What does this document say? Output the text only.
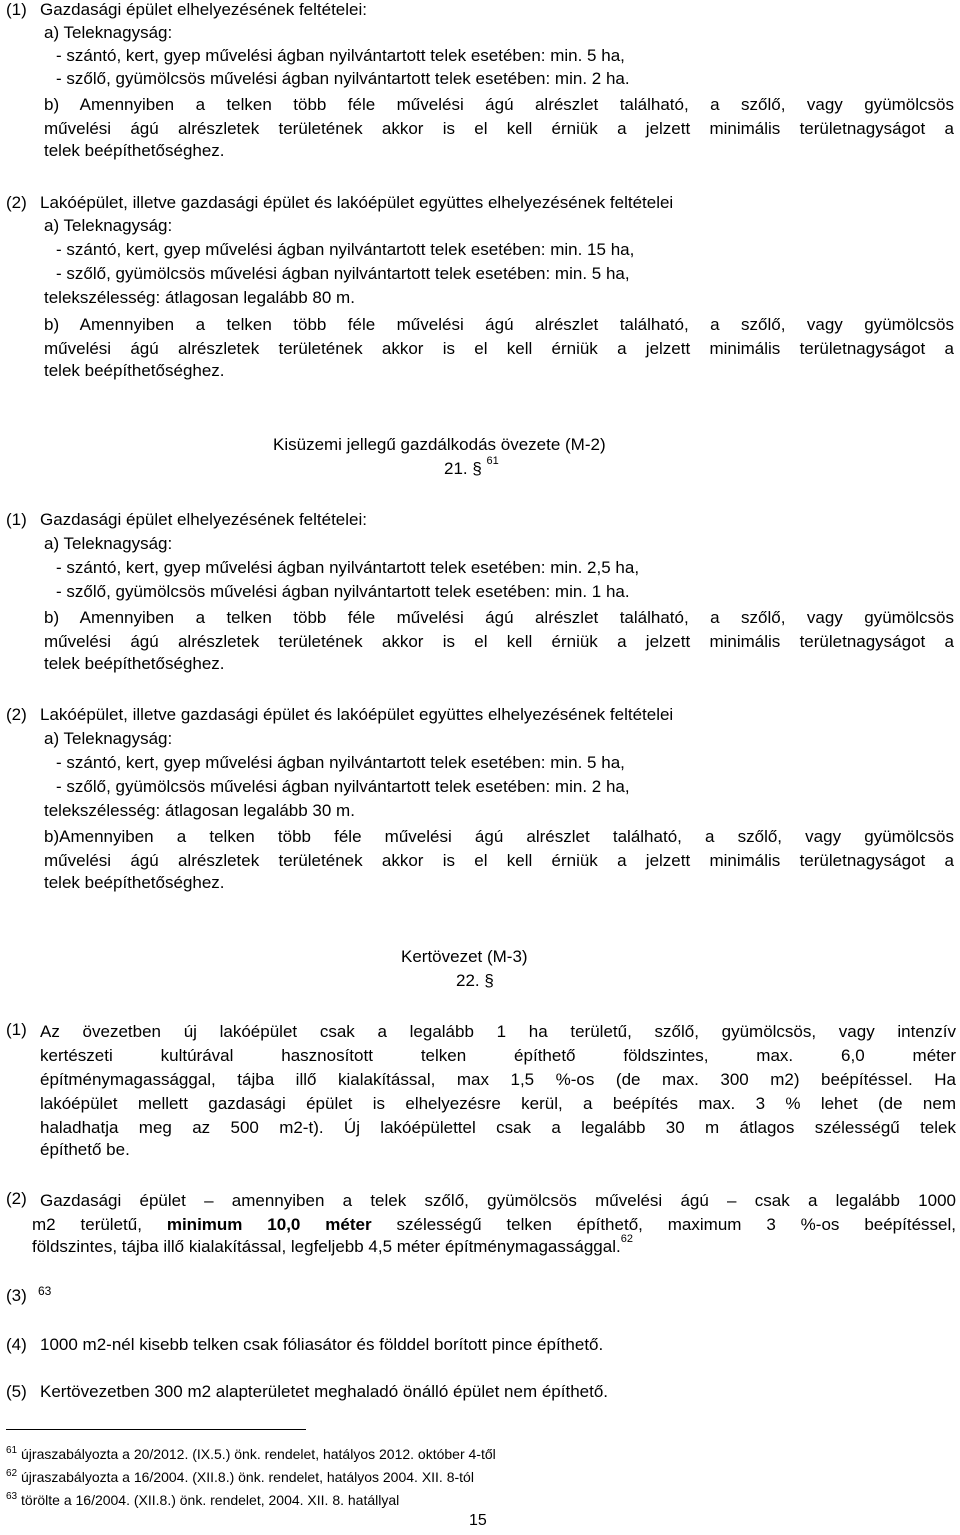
(1) Gazdasági épület elhelyezésének feltételei:
a) Teleknagyság:
- szántó, kert, gyep művelési ágban nyilvántartott telek esetében: min. 5 ha,
- szőlő, gyümölcsös művelési ágban nyilvántartott telek esetében: min. 2 ha.
b) Amennyiben a telken több féle művelési ágú alrészlet található, a szőlő, vagy gyümölcsös
művelési ágú alrészletek területének akkor is el kell érniük a jelzett minimális területnagyságot a
telek beépíthetőséghez.
(2) Lakóépület, illetve gazdasági épület és lakóépület együttes elhelyezésének feltételei
a) Teleknagyság:
- szántó, kert, gyep művelési ágban nyilvántartott telek esetében: min. 15 ha,
- szőlő, gyümölcsös művelési ágban nyilvántartott telek esetében: min. 5 ha,
telekszélesség: átlagosan legalább 80 m.
b) Amennyiben a telken több féle művelési ágú alrészlet található, a szőlő, vagy gyümölcsös
művelési ágú alrészletek területének akkor is el kell érniük a jelzett minimális területnagyságot a
telek beépíthetőséghez.
Kisüzemi jellegű gazdálkodás övezete (M-2)
21. § $^{61}$
(1) Gazdasági épület elhelyezésének feltételei:
a) Teleknagyság:
- szántó, kert, gyep művelési ágban nyilvántartott telek esetében: min. 2,5 ha,
- szőlő, gyümölcsös művelési ágban nyilvántartott telek esetében: min. 1 ha.
b) Amennyiben a telken több féle művelési ágú alrészlet található, a szőlő, vagy gyümölcsös
művelési ágú alrészletek területének akkor is el kell érniük a jelzett minimális területnagyságot a
telek beépíthetőséghez.
(2) Lakóépület, illetve gazdasági épület és lakóépület együttes elhelyezésének feltételei
a) Teleknagyság:
- szántó, kert, gyep művelési ágban nyilvántartott telek esetében: min. 5 ha,
- szőlő, gyümölcsös művelési ágban nyilvántartott telek esetében: min. 2 ha,
telekszélesség: átlagosan legalább 30 m.
b)Amennyiben a telken több féle művelési ágú alrészlet található, a szőlő, vagy gyümölcsös
művelési ágú alrészletek területének akkor is el kell érniük a jelzett minimális területnagyságot a
telek beépíthetőséghez.
Kertövezet (M-3)
22. §
(1) Az övezetben új lakóépület csak a legalább 1 ha területű, szőlő, gyümölcsös, vagy intenzív
kertészeti kultúrával hasznosított telken építhető földszintes, max. 6,0 méter
építménymagassággal, tájba illő kialakítással, max 1,5 %-os (de max. 300 m2) beépítéssel. Ha
lakóépület mellett gazdasági épület is elhelyezésre kerül, a beépítés max. 3 % lehet (de nem
haladhatja meg az 500 m2-t). Új lakóépülettel csak a legalább 30 m átlagos szélességű telek
építhető be.
(2) Gazdasági épület – amennyiben a telek szőlő, gyümölcsös művelési ágú – csak a legalább 1000
m2 területű, minimum 10,0 méter szélességű telken építhető, maximum 3 %-os beépítéssel,
földszintes, tájba illő kialakítással, legfeljebb 4,5 méter építménymagassággal.$^{62}$
(3) 63
(4) 1000 m2-nél kisebb telken csak fóliasátor és földdel borított pince építhető.
(5) Kertövezetben 300 m2 alapterületet meghaladó önálló épület nem építhető.
$^{61}$ újraszabályozta a 20/2012. (IX.5.) önk. rendelet, hatályos 2012. október 4-től
$^{62}$ újraszabályozta a 16/2004. (XII.8.) önk. rendelet, hatályos 2004. XII. 8-tól
$^{63}$ törölte a 16/2004. (XII.8.) önk. rendelet, 2004. XII. 8. hatállyal
15
